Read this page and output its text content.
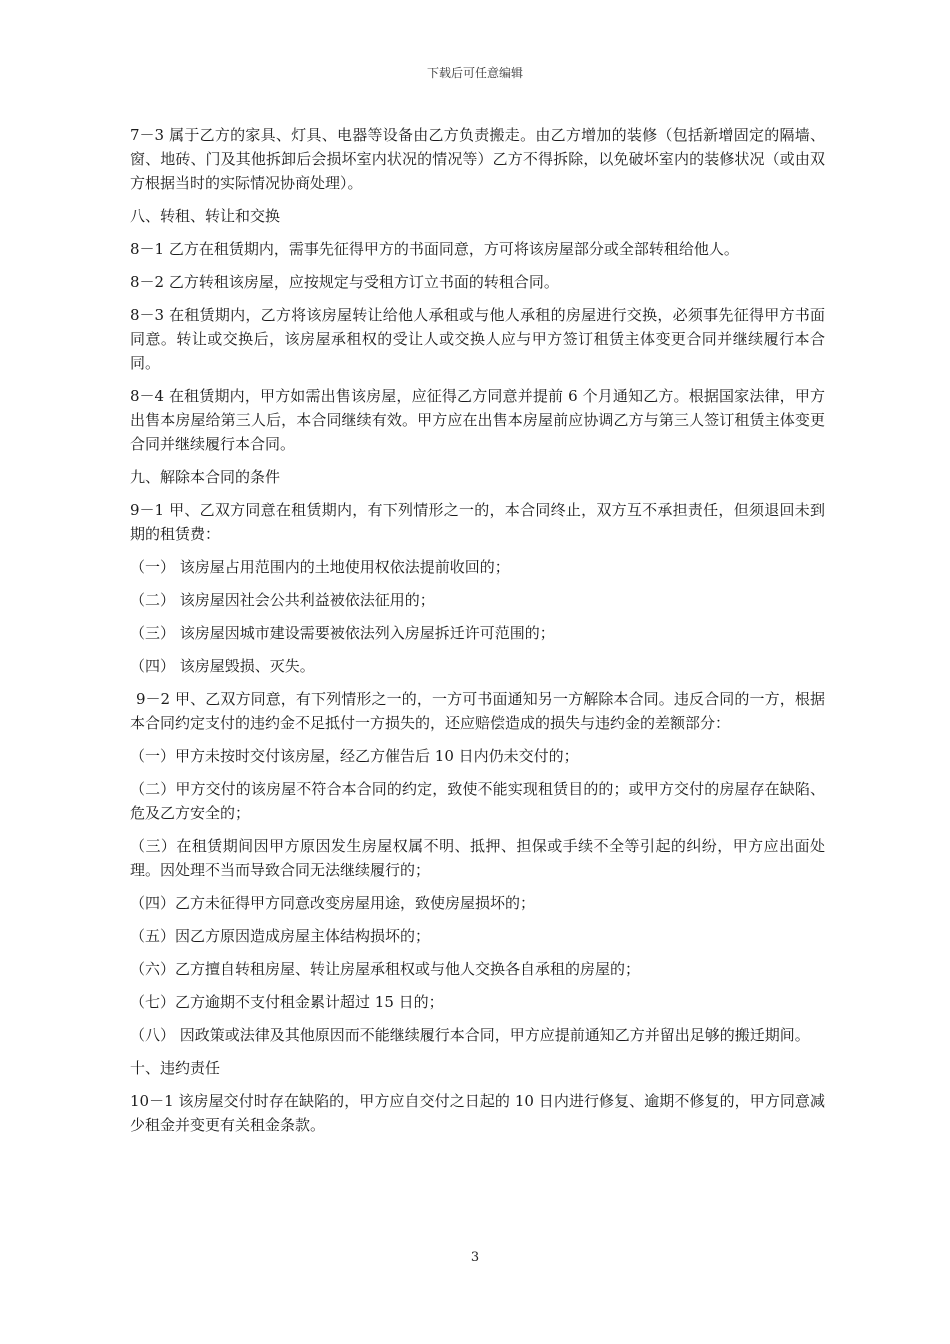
下载后可任意编辑

7－3 属于乙方的家具、灯具、电器等设备由乙方负责搬走。由乙方增加的装修（包括新增固定的隔墙、窗、地砖、门及其他拆卸后会损坏室内状况的情况等）乙方不得拆除，以免破坏室内的装修状况（或由双方根据当时的实际情况协商处理）。

八、转租、转让和交换

8－1 乙方在租赁期内，需事先征得甲方的书面同意，方可将该房屋部分或全部转租给他人。

8－2 乙方转租该房屋，应按规定与受租方订立书面的转租合同。

8－3 在租赁期内，乙方将该房屋转让给他人承租或与他人承租的房屋进行交换，必须事先征得甲方书面同意。转让或交换后，该房屋承租权的受让人或交换人应与甲方签订租赁主体变更合同并继续履行本合同。

8－4 在租赁期内，甲方如需出售该房屋，应征得乙方同意并提前 6 个月通知乙方。根据国家法律，甲方出售本房屋给第三人后，本合同继续有效。甲方应在出售本房屋前应协调乙方与第三人签订租赁主体变更合同并继续履行本合同。

九、解除本合同的条件

9－1 甲、乙双方同意在租赁期内，有下列情形之一的，本合同终止，双方互不承担责任，但须退回未到期的租赁费：

（一） 该房屋占用范围内的土地使用权依法提前收回的；

（二） 该房屋因社会公共利益被依法征用的；

（三） 该房屋因城市建设需要被依法列入房屋拆迁许可范围的；

（四） 该房屋毁损、灭失。

9－2 甲、乙双方同意，有下列情形之一的，一方可书面通知另一方解除本合同。违反合同的一方，根据本合同约定支付的违约金不足抵付一方损失的，还应赔偿造成的损失与违约金的差额部分：

（一）甲方未按时交付该房屋，经乙方催告后 10 日内仍未交付的；

（二）甲方交付的该房屋不符合本合同的约定，致使不能实现租赁目的的；或甲方交付的房屋存在缺陷、危及乙方安全的；

（三）在租赁期间因甲方原因发生房屋权属不明、抵押、担保或手续不全等引起的纠纷，甲方应出面处理。因处理不当而导致合同无法继续履行的；

（四）乙方未征得甲方同意改变房屋用途，致使房屋损坏的；

（五）因乙方原因造成房屋主体结构损坏的；

（六）乙方擅自转租房屋、转让房屋承租权或与他人交换各自承租的房屋的；

（七）乙方逾期不支付租金累计超过 15 日的；

（八） 因政策或法律及其他原因而不能继续履行本合同，甲方应提前通知乙方并留出足够的搬迁期间。

十、违约责任

10－1 该房屋交付时存在缺陷的，甲方应自交付之日起的 10 日内进行修复、逾期不修复的，甲方同意减少租金并变更有关租金条款。

3
